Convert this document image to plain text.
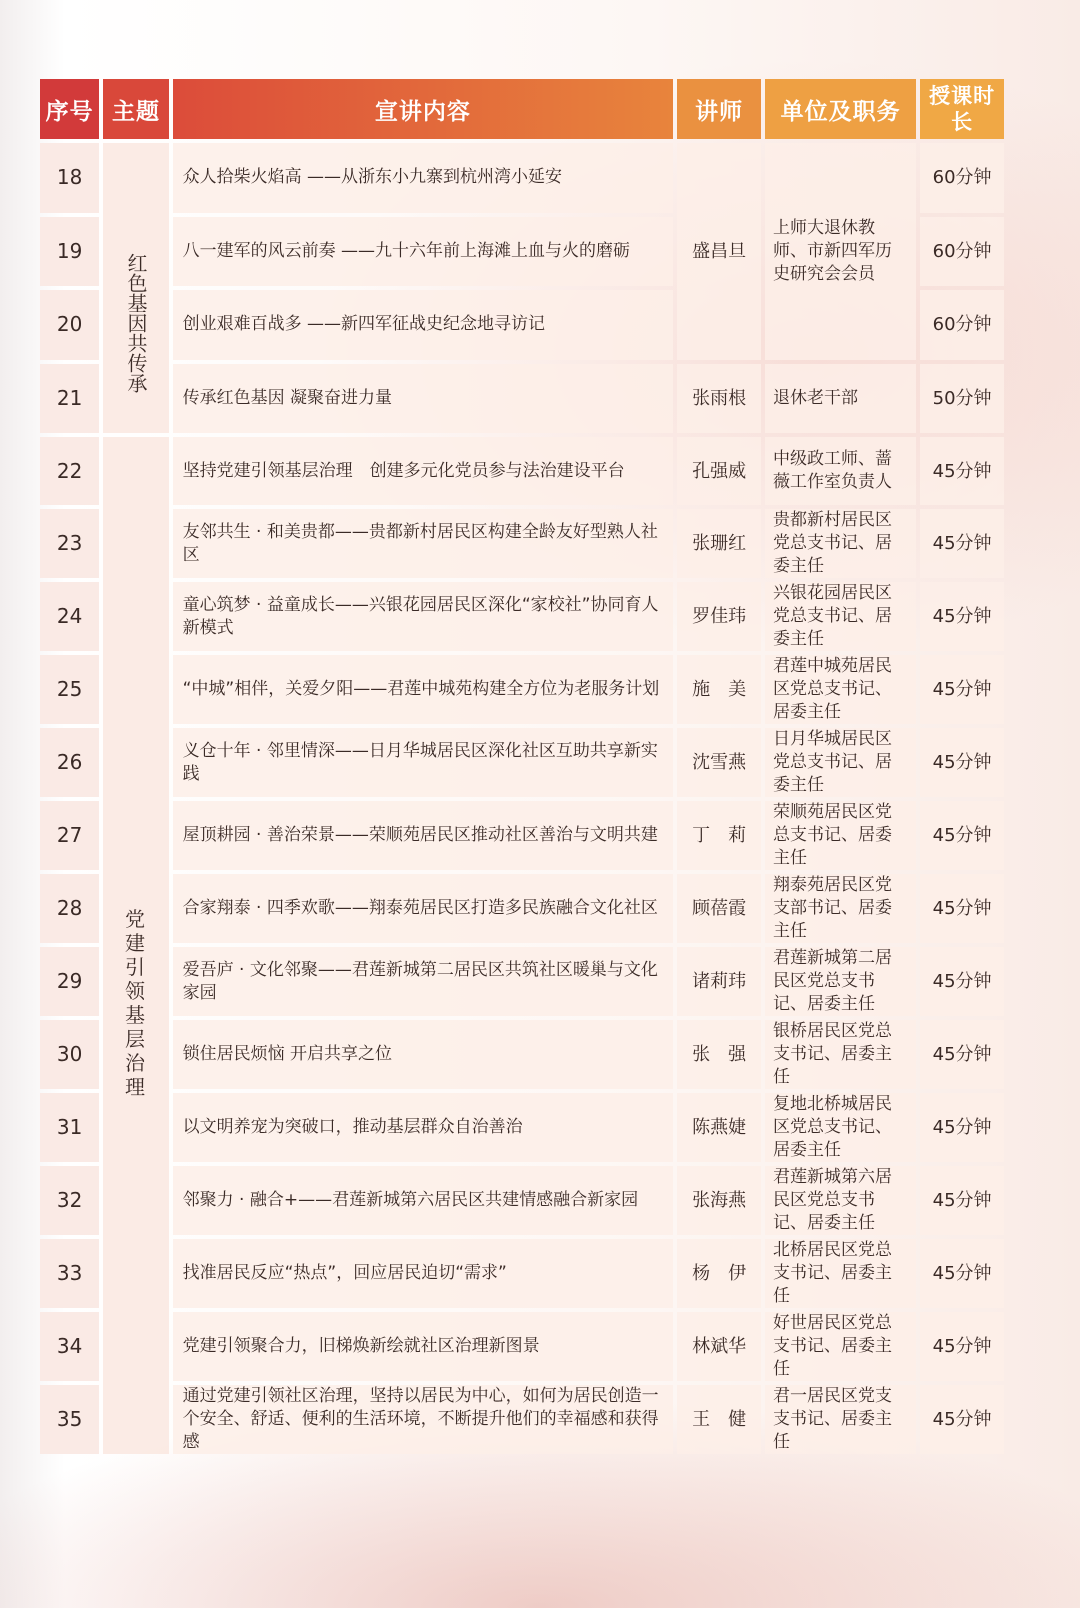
序号	主题	宣讲内容	讲师	单位及职务	授课时长
18	红色基因共传承	众人拾柴火焰高 ——从浙东小九寨到杭州湾小延安	盛昌旦	上师大退休教师、市新四军历史研究会会员	60分钟
19		八一建军的风云前奏 ——九十六年前上海滩上血与火的磨砺			60分钟
20		创业艰难百战多 ——新四军征战史纪念地寻访记			60分钟
21		传承红色基因 凝聚奋进力量	张雨根	退休老干部	50分钟
22	党建引领基层治理	坚持党建引领基层治理　创建多元化党员参与法治建设平台	孔强威	中级政工师、蔷薇工作室负责人	45分钟
23		友邻共生 · 和美贵都——贵都新村居民区构建全龄友好型熟人社区	张珊红	贵都新村居民区党总支书记、居委主任	45分钟
24		童心筑梦 · 益童成长——兴银花园居民区深化“家校社”协同育人新模式	罗佳玮	兴银花园居民区党总支书记、居委主任	45分钟
25		“中城”相伴，关爱夕阳——君莲中城苑构建全方位为老服务计划	施　美	君莲中城苑居民区党总支书记、居委主任	45分钟
26		义仓十年 · 邻里情深——日月华城居民区深化社区互助共享新实践	沈雪燕	日月华城居民区党总支书记、居委主任	45分钟
27		屋顶耕园 · 善治荣景——荣顺苑居民区推动社区善治与文明共建	丁　莉	荣顺苑居民区党总支书记、居委主任	45分钟
28		合家翔泰 · 四季欢歌——翔泰苑居民区打造多民族融合文化社区	顾蓓霞	翔泰苑居民区党支部书记、居委主任	45分钟
29		爱吾庐 · 文化邻聚——君莲新城第二居民区共筑社区暖巢与文化家园	诸莉玮	君莲新城第二居民区党总支书记、居委主任	45分钟
30		锁住居民烦恼 开启共享之位	张　强	银桥居民区党总支书记、居委主任	45分钟
31		以文明养宠为突破口，推动基层群众自治善治	陈燕婕	复地北桥城居民区党总支书记、居委主任	45分钟
32		邻聚力 · 融合+——君莲新城第六居民区共建情感融合新家园	张海燕	君莲新城第六居民区党总支书记、居委主任	45分钟
33		找准居民反应“热点”，回应居民迫切“需求”	杨　伊	北桥居民区党总支书记、居委主任	45分钟
34		党建引领聚合力，旧梯焕新绘就社区治理新图景	林斌华	好世居民区党总支书记、居委主任	45分钟
35		通过党建引领社区治理，坚持以居民为中心，如何为居民创造一个安全、舒适、便利的生活环境，不断提升他们的幸福感和获得感	王　健	君一居民区党支支书记、居委主任	45分钟
